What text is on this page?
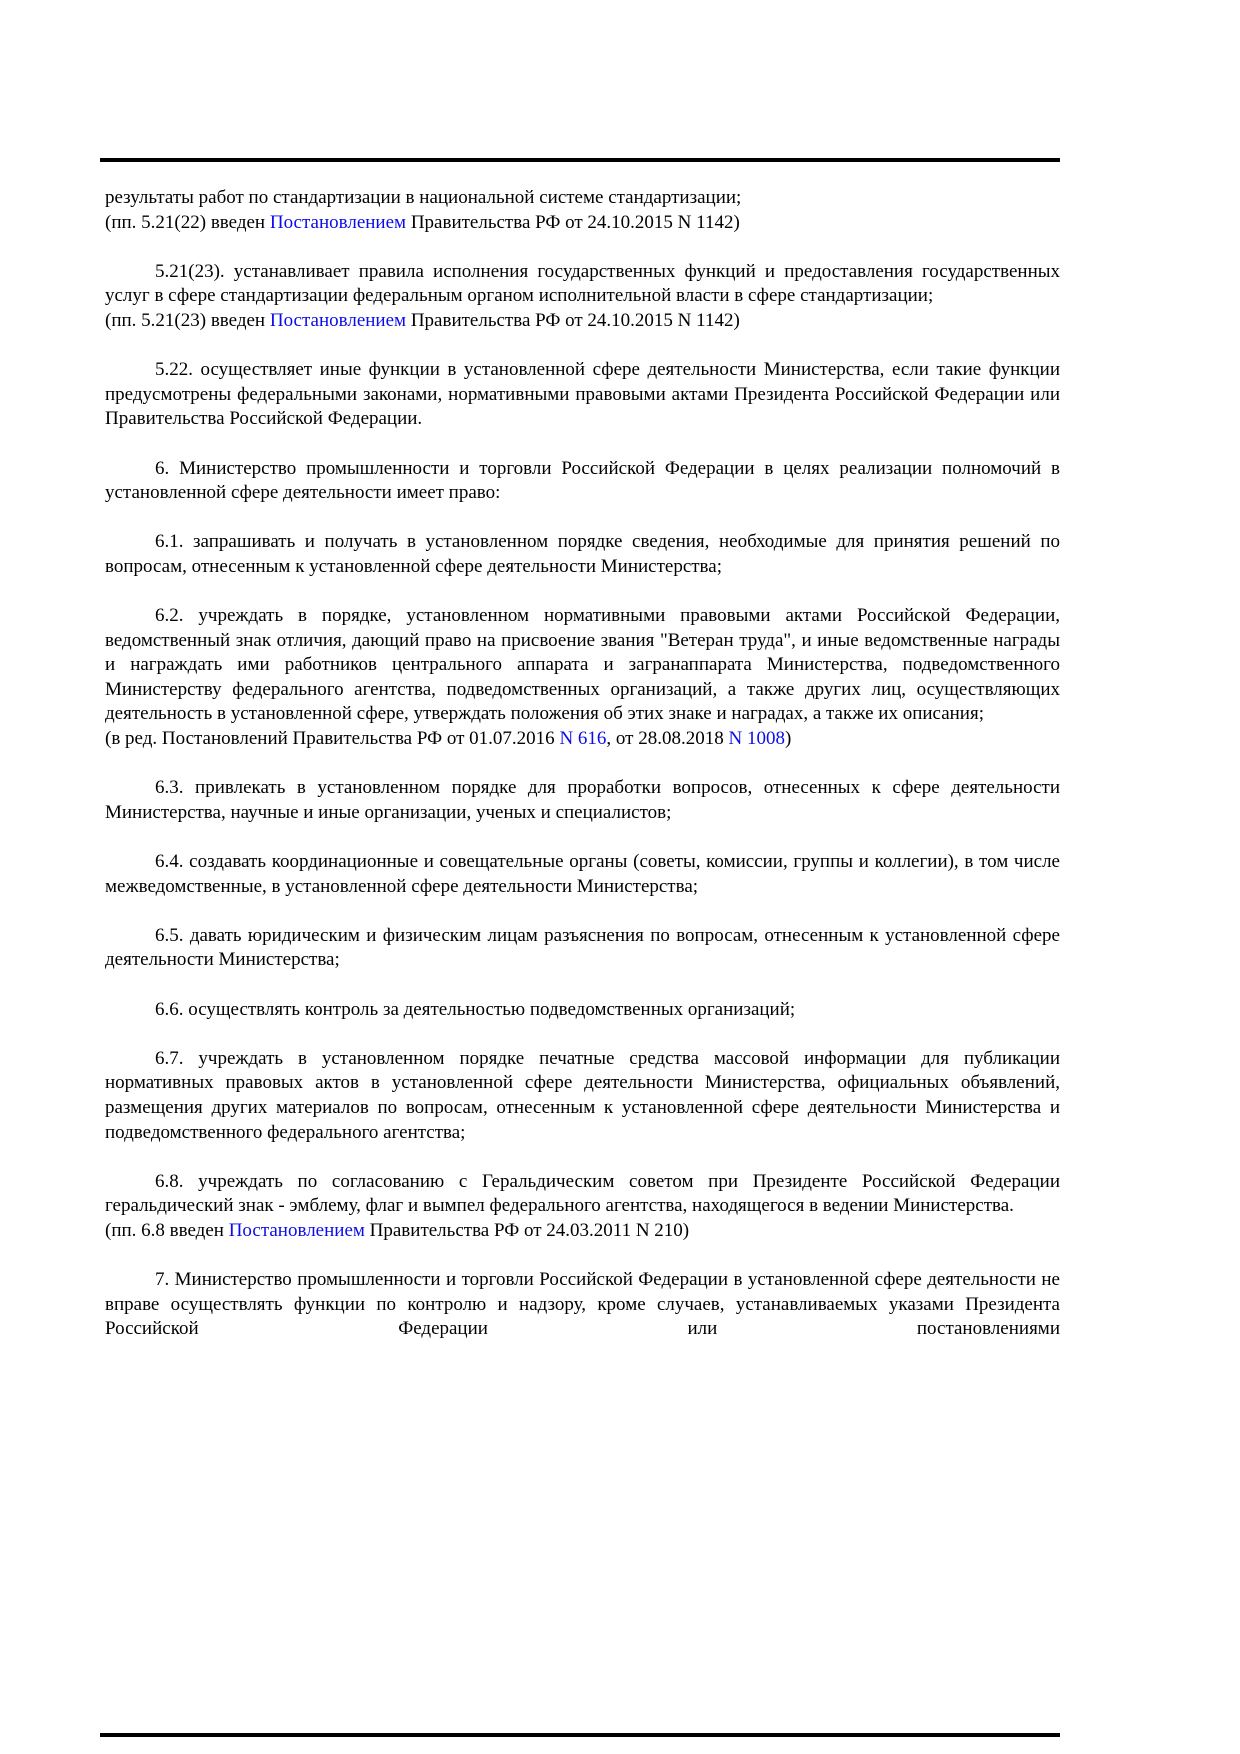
результаты работ по стандартизации в национальной системе стандартизации;

(пп. 5.21(22) введен Постановлением Правительства РФ от 24.10.2015 N 1142)

5.21(23). устанавливает правила исполнения государственных функций и предоставления государственных услуг в сфере стандартизации федеральным органом исполнительной власти в сфере стандартизации;

(пп. 5.21(23) введен Постановлением Правительства РФ от 24.10.2015 N 1142)

5.22. осуществляет иные функции в установленной сфере деятельности Министерства, если такие функции предусмотрены федеральными законами, нормативными правовыми актами Президента Российской Федерации или Правительства Российской Федерации.

6. Министерство промышленности и торговли Российской Федерации в целях реализации полномочий в установленной сфере деятельности имеет право:

6.1. запрашивать и получать в установленном порядке сведения, необходимые для принятия решений по вопросам, отнесенным к установленной сфере деятельности Министерства;

6.2. учреждать в порядке, установленном нормативными правовыми актами Российской Федерации, ведомственный знак отличия, дающий право на присвоение звания "Ветеран труда", и иные ведомственные награды и награждать ими работников центрального аппарата и загранаппарата Министерства, подведомственного Министерству федерального агентства, подведомственных организаций, а также других лиц, осуществляющих деятельность в установленной сфере, утверждать положения об этих знаке и наградах, а также их описания;

(в ред. Постановлений Правительства РФ от 01.07.2016 N 616, от 28.08.2018 N 1008)

6.3. привлекать в установленном порядке для проработки вопросов, отнесенных к сфере деятельности Министерства, научные и иные организации, ученых и специалистов;

6.4. создавать координационные и совещательные органы (советы, комиссии, группы и коллегии), в том числе межведомственные, в установленной сфере деятельности Министерства;

6.5. давать юридическим и физическим лицам разъяснения по вопросам, отнесенным к установленной сфере деятельности Министерства;

6.6. осуществлять контроль за деятельностью подведомственных организаций;

6.7. учреждать в установленном порядке печатные средства массовой информации для публикации нормативных правовых актов в установленной сфере деятельности Министерства, официальных объявлений, размещения других материалов по вопросам, отнесенным к установленной сфере деятельности Министерства и подведомственного федерального агентства;

6.8. учреждать по согласованию с Геральдическим советом при Президенте Российской Федерации геральдический знак - эмблему, флаг и вымпел федерального агентства, находящегося в ведении Министерства.

(пп. 6.8 введен Постановлением Правительства РФ от 24.03.2011 N 210)

7. Министерство промышленности и торговли Российской Федерации в установленной сфере деятельности не вправе осуществлять функции по контролю и надзору, кроме случаев, устанавливаемых указами Президента Российской Федерации или постановлениями
